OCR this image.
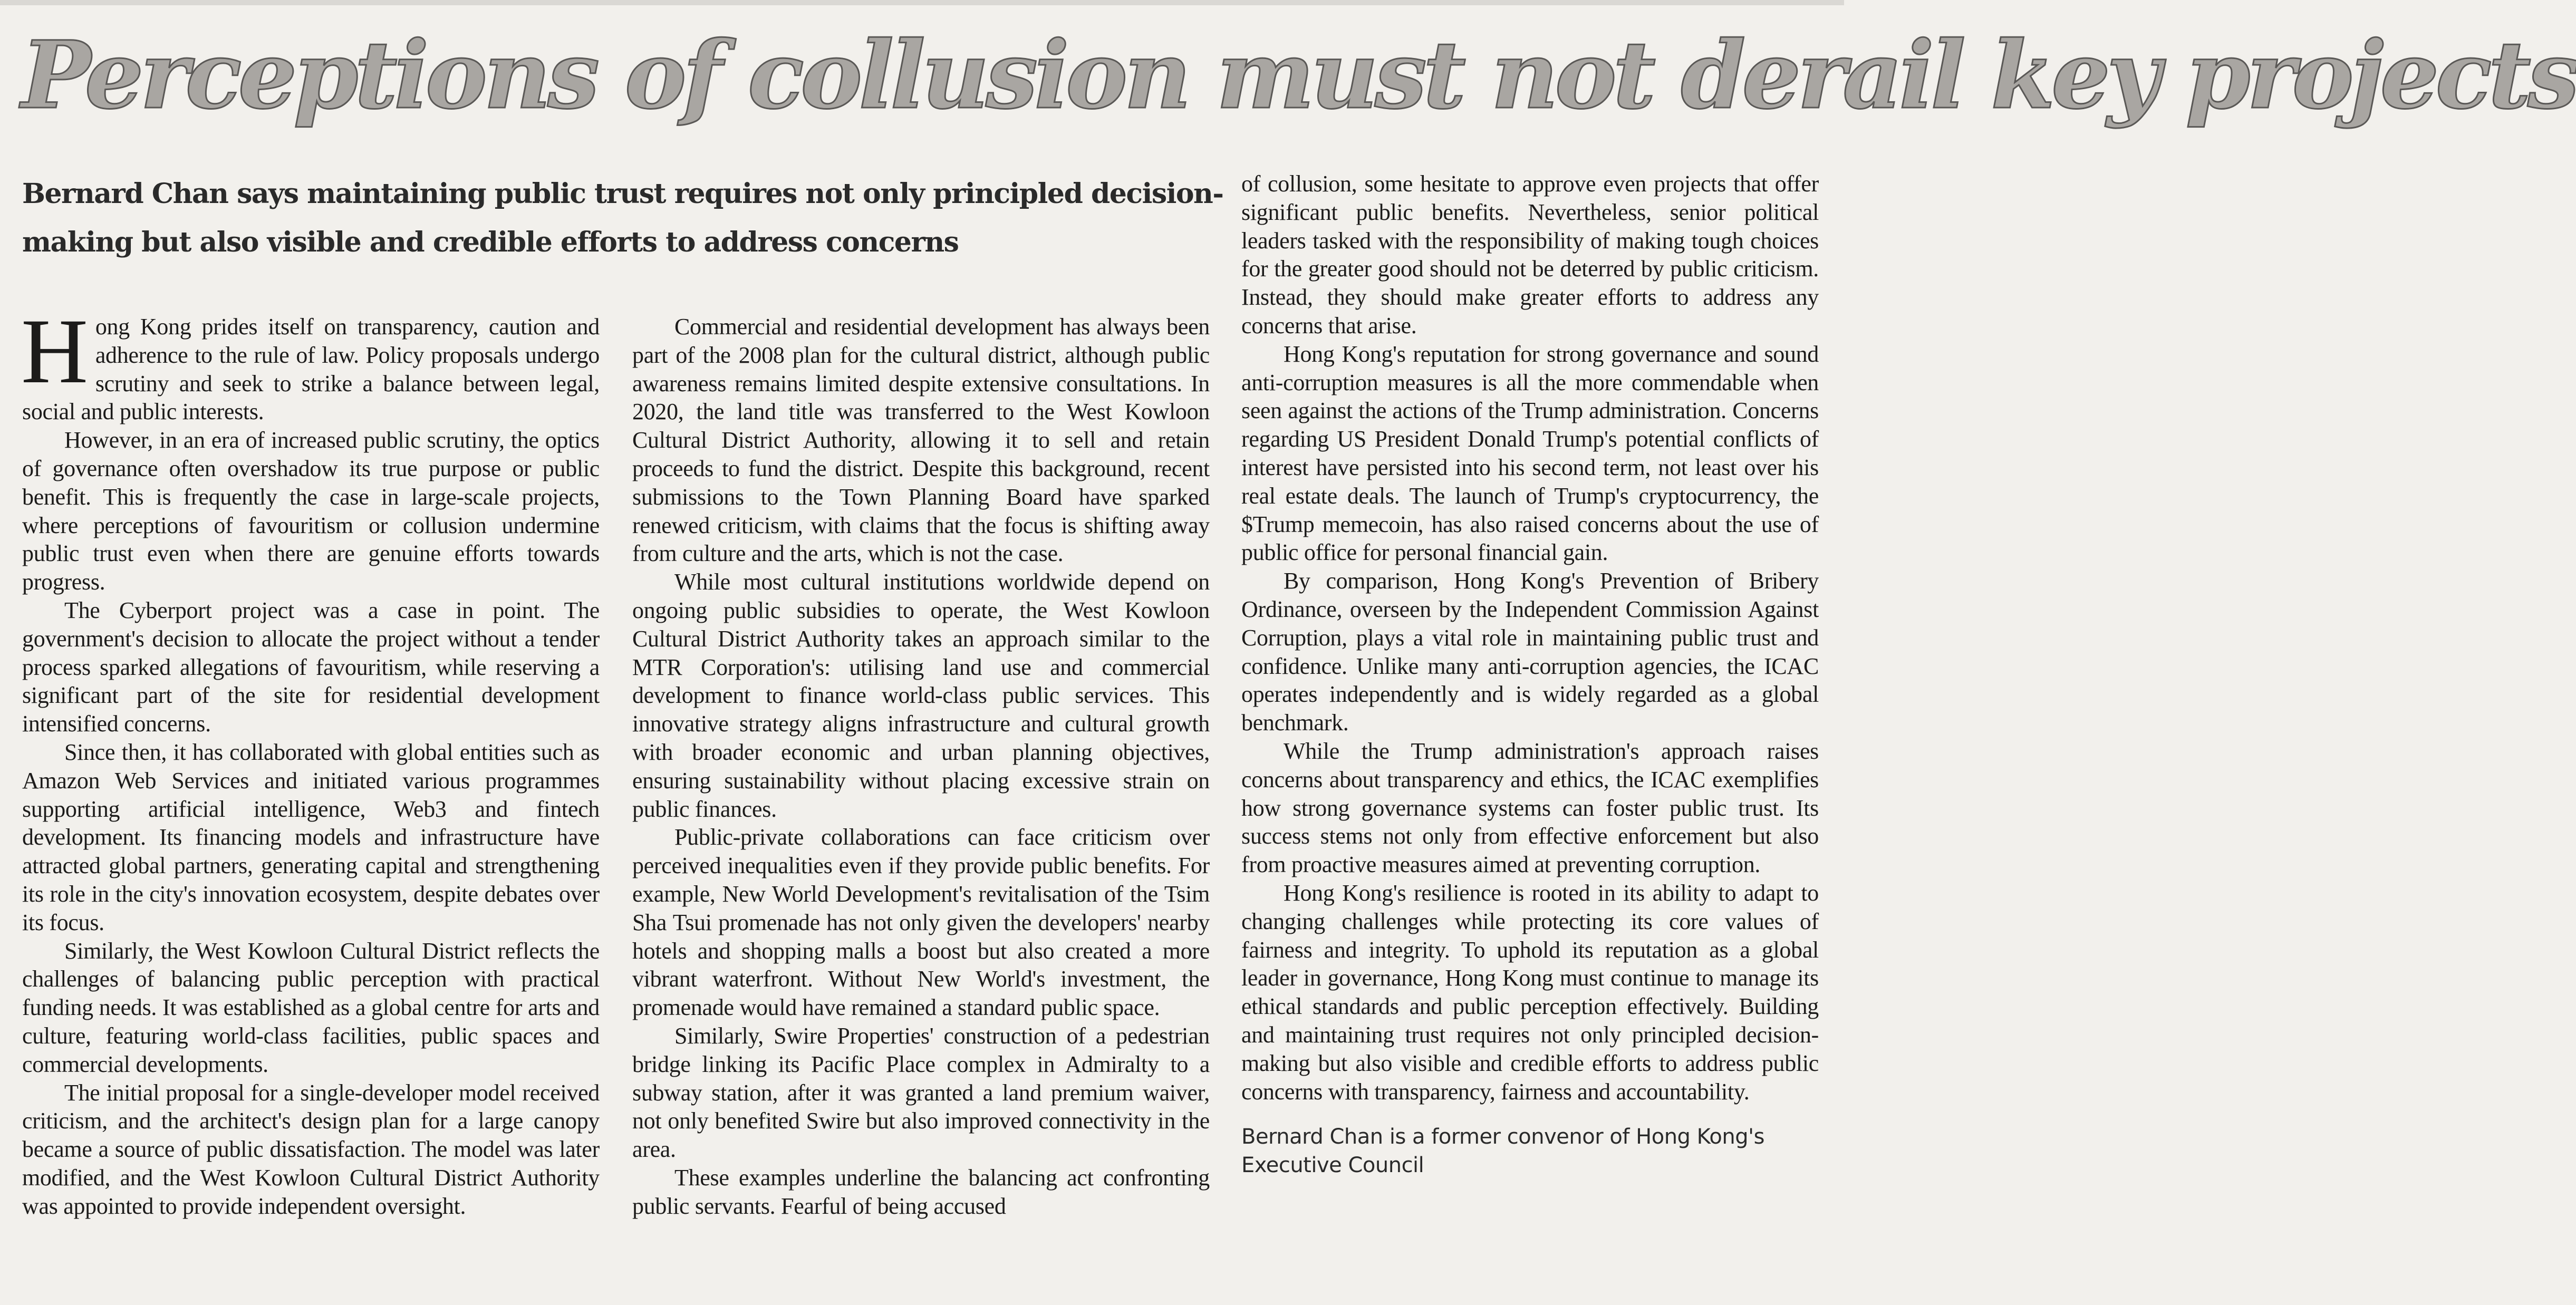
Perceptions of collusion must not derail key projects
Bernard Chan says maintaining public trust requires not only principled decision-making but also visible and credible efforts to address concerns

Hong Kong prides itself on transparency, caution and adherence to the rule of law. Policy proposals undergo scrutiny and seek to strike a balance between legal, social and public interests.

However, in an era of increased public scrutiny, the optics of governance often overshadow its true purpose or public benefit. This is frequently the case in large-scale projects, where perceptions of favouritism or collusion undermine public trust even when there are genuine efforts towards progress.

The Cyberport project was a case in point. The government's decision to allocate the project without a tender process sparked allegations of favouritism, while reserving a significant part of the site for residential development intensified concerns.

Since then, it has collaborated with global entities such as Amazon Web Services and initiated various programmes supporting artificial intelligence, Web3 and fintech development. Its financing models and infrastructure have attracted global partners, generating capital and strengthening its role in the city's innovation ecosystem, despite debates over its focus.

Similarly, the West Kowloon Cultural District reflects the challenges of balancing public perception with practical funding needs. It was established as a global centre for arts and culture, featuring world-class facilities, public spaces and commercial developments.

The initial proposal for a single-developer model received criticism, and the architect's design plan for a large canopy became a source of public dissatisfaction. The model was later modified, and the West Kowloon Cultural District Authority was appointed to provide independent oversight.

Commercial and residential development has always been part of the 2008 plan for the cultural district, although public awareness remains limited despite extensive consultations. In 2020, the land title was transferred to the West Kowloon Cultural District Authority, allowing it to sell and retain proceeds to fund the district. Despite this background, recent submissions to the Town Planning Board have sparked renewed criticism, with claims that the focus is shifting away from culture and the arts, which is not the case.

While most cultural institutions worldwide depend on ongoing public subsidies to operate, the West Kowloon Cultural District Authority takes an approach similar to the MTR Corporation's: utilising land use and commercial development to finance world-class public services. This innovative strategy aligns infrastructure and cultural growth with broader economic and urban planning objectives, ensuring sustainability without placing excessive strain on public finances.

Public-private collaborations can face criticism over perceived inequalities even if they provide public benefits. For example, New World Development's revitalisation of the Tsim Sha Tsui promenade has not only given the developers' nearby hotels and shopping malls a boost but also created a more vibrant waterfront. Without New World's investment, the promenade would have remained a standard public space.

Similarly, Swire Properties' construction of a pedestrian bridge linking its Pacific Place complex in Admiralty to a subway station, after it was granted a land premium waiver, not only benefited Swire but also improved connectivity in the area.

These examples underline the balancing act confronting public servants. Fearful of being accused

of collusion, some hesitate to approve even projects that offer significant public benefits. Nevertheless, senior political leaders tasked with the responsibility of making tough choices for the greater good should not be deterred by public criticism. Instead, they should make greater efforts to address any concerns that arise.

Hong Kong's reputation for strong governance and sound anti-corruption measures is all the more commendable when seen against the actions of the Trump administration. Concerns regarding US President Donald Trump's potential conflicts of interest have persisted into his second term, not least over his real estate deals. The launch of Trump's cryptocurrency, the $Trump memecoin, has also raised concerns about the use of public office for personal financial gain.

By comparison, Hong Kong's Prevention of Bribery Ordinance, overseen by the Independent Commission Against Corruption, plays a vital role in maintaining public trust and confidence. Unlike many anti-corruption agencies, the ICAC operates independently and is widely regarded as a global benchmark.

While the Trump administration's approach raises concerns about transparency and ethics, the ICAC exemplifies how strong governance systems can foster public trust. Its success stems not only from effective enforcement but also from proactive measures aimed at preventing corruption.

Hong Kong's resilience is rooted in its ability to adapt to changing challenges while protecting its core values of fairness and integrity. To uphold its reputation as a global leader in governance, Hong Kong must continue to manage its ethical standards and public perception effectively. Building and maintaining trust requires not only principled decision-making but also visible and credible efforts to address public concerns with transparency, fairness and accountability.

Bernard Chan is a former convenor of Hong Kong's Executive Council
